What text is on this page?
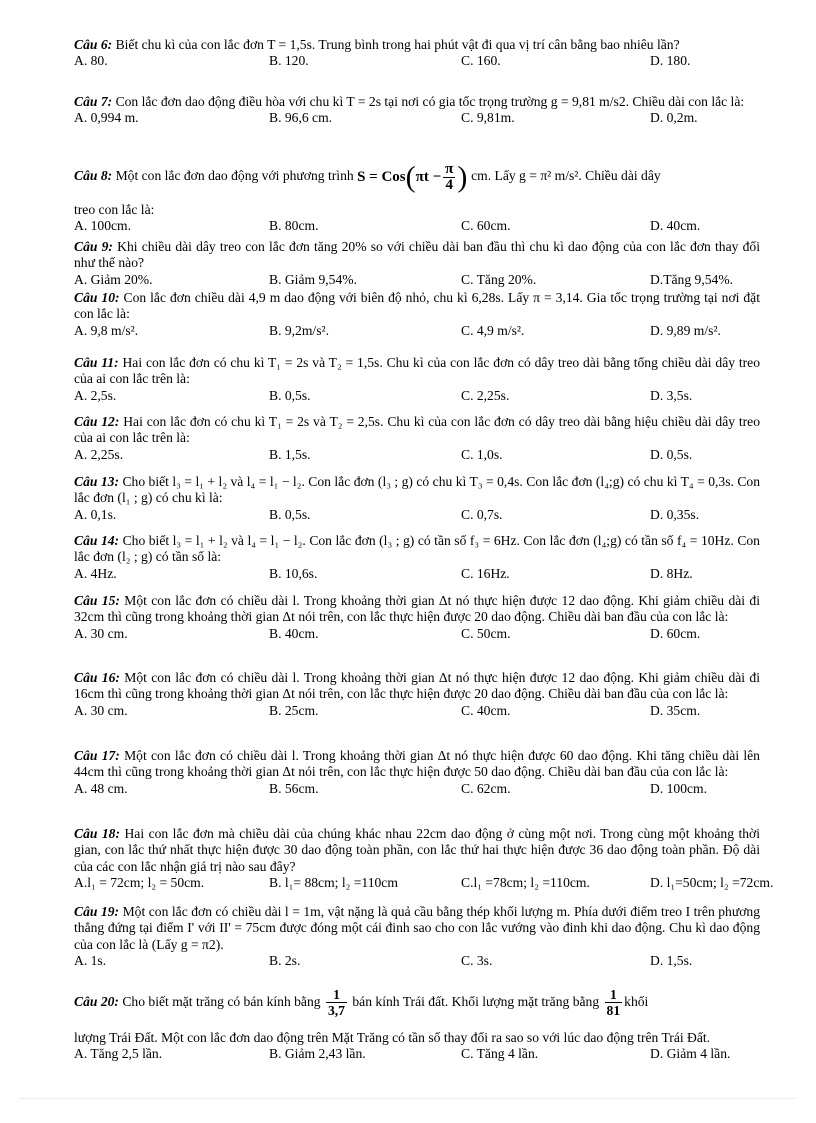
Câu 6: Biết chu kì của con lắc đơn T = 1,5s. Trung bình trong hai phút vật đi qua vị trí cân bằng bao nhiêu lần?
A. 80.	B. 120.	C. 160.	D. 180.
Câu 7: Con lắc đơn dao động điều hòa với chu kì T = 2s tại nơi có gia tốc trọng trường g = 9,81 m/s2. Chiều dài con lắc là:
A. 0,994 m.	B. 96,6 cm.	C. 9,81m.	D. 0,2m.
Câu 8: Một con lắc đơn dao động với phương trình $S = Cos(\pi t - \frac{\pi}{4}$ ) cm. Lấy g = π² m/s². Chiều dài dây
treo con lắc là:
A. 100cm.	B. 80cm.	C. 60cm.	D. 40cm.
Câu 9: Khi chiều dài dây treo con lắc đơn tăng 20% so với chiều dài ban đầu thì chu kì dao động của con lắc đơn thay đổi như thế nào?
A. Giảm 20%.	B. Giảm 9,54%.	C. Tăng 20%.	D.Tăng 9,54%.
Câu 10: Con lắc đơn chiều dài 4,9 m dao động với biên độ nhỏ, chu kì 6,28s. Lấy π = 3,14. Gia tốc trọng trường tại nơi đặt con lắc là:
A. 9,8 m/s².	B. 9,2m/s².	C. 4,9 m/s².	D. 9,89 m/s².
Câu 11: Hai con lắc đơn có chu kì T₁ = 2s và T₂ = 1,5s. Chu kì của con lắc đơn có dây treo dài bằng tổng chiều dài dây treo của ai con lắc trên là:
A. 2,5s.	B. 0,5s.	C. 2,25s.	D. 3,5s.
Câu 12: Hai con lắc đơn có chu kì T₁ = 2s và T₂ = 2,5s. Chu kì của con lắc đơn có dây treo dài bằng hiệu chiều dài dây treo của ai con lắc trên là:
A. 2,25s.	B. 1,5s.	C. 1,0s.	D. 0,5s.
Câu 13: Cho biết l₃ = l₁ + l₂ và l₄ = l₁ − l₂. Con lắc đơn (l₃ ; g) có chu kì T₃ = 0,4s. Con lắc đơn (l₄;g) có chu kì T₄ = 0,3s. Con lắc đơn (l₁ ; g) có chu kì là:
A. 0,1s.	B. 0,5s.	C. 0,7s.	D. 0,35s.
Câu 14: Cho biết l₃ = l₁ + l₂ và l₄ = l₁ − l₂. Con lắc đơn (l₃ ; g) có tần số f₃ = 6Hz. Con lắc đơn (l₄;g) có tần số f₄ = 10Hz. Con lắc đơn (l₂ ; g) có tần số là:
A. 4Hz.	B. 10,6s.	C. 16Hz.	D. 8Hz.
Câu 15: Một con lắc đơn có chiều dài l. Trong khoảng thời gian Δt nó thực hiện được 12 dao động. Khi giảm chiều dài đi 32cm thì cũng trong khoảng thời gian Δt nói trên, con lắc thực hiện được 20 dao động. Chiều dài ban đầu của con lắc là:
A. 30 cm.	B. 40cm.	C. 50cm.	D. 60cm.
Câu 16: Một con lắc đơn có chiều dài l. Trong khoảng thời gian Δt nó thực hiện được 12 dao động. Khi giảm chiều dài đi 16cm thì cũng trong khoảng thời gian Δt nói trên, con lắc thực hiện được 20 dao động. Chiều dài ban đầu của con lắc là:
A. 30 cm.	B. 25cm.	C. 40cm.	D. 35cm.
Câu 17: Một con lắc đơn có chiều dài l. Trong khoảng thời gian Δt nó thực hiện được 60 dao động. Khi tăng chiều dài lên 44cm thì cũng trong khoảng thời gian Δt nói trên, con lắc thực hiện được 50 dao động. Chiều dài ban đầu của con lắc là:
A. 48 cm.	B. 56cm.	C. 62cm.	D. 100cm.
Câu 18: Hai con lắc đơn mà chiều dài của chúng khác nhau 22cm dao động ở cùng một nơi. Trong cùng một khoảng thời gian, con lắc thứ nhất thực hiện được 30 dao động toàn phần, con lắc thứ hai thực hiện được 36 dao động toàn phần. Độ dài của các con lắc nhận giá trị nào sau đây?
A.l₁ = 72cm; l₂ = 50cm.	B. l₁= 88cm; l₂ =110cm	C.l₁ =78cm; l₂ =110cm.	D. l₁=50cm; l₂ =72cm.
Câu 19: Một con lắc đơn có chiều dài l = 1m, vật nặng là quả cầu bằng thép khối lượng m. Phía dưới điểm treo I trên phương thẳng đứng tại điểm I' với II' = 75cm được đóng một cái đinh sao cho con lắc vướng vào đinh khi dao động. Chu kì dao động của con lắc là (Lấy g = π2).
A. 1s.	B. 2s.	C. 3s.	D. 1,5s.
Câu 20: Cho biết mặt trăng có bán kính bằng $\frac{1}{3,7}$ bán kính Trái đất. Khối lượng mặt trăng bằng $\frac{1}{81}$ khối
lượng Trái Đất. Một con lắc đơn dao động trên Mặt Trăng có tần số thay đổi ra sao so với lúc dao động trên Trái Đất.
A. Tăng 2,5 lần.	B. Giảm 2,43 lần.	C. Tăng 4 lần.	D. Giảm 4 lần.
